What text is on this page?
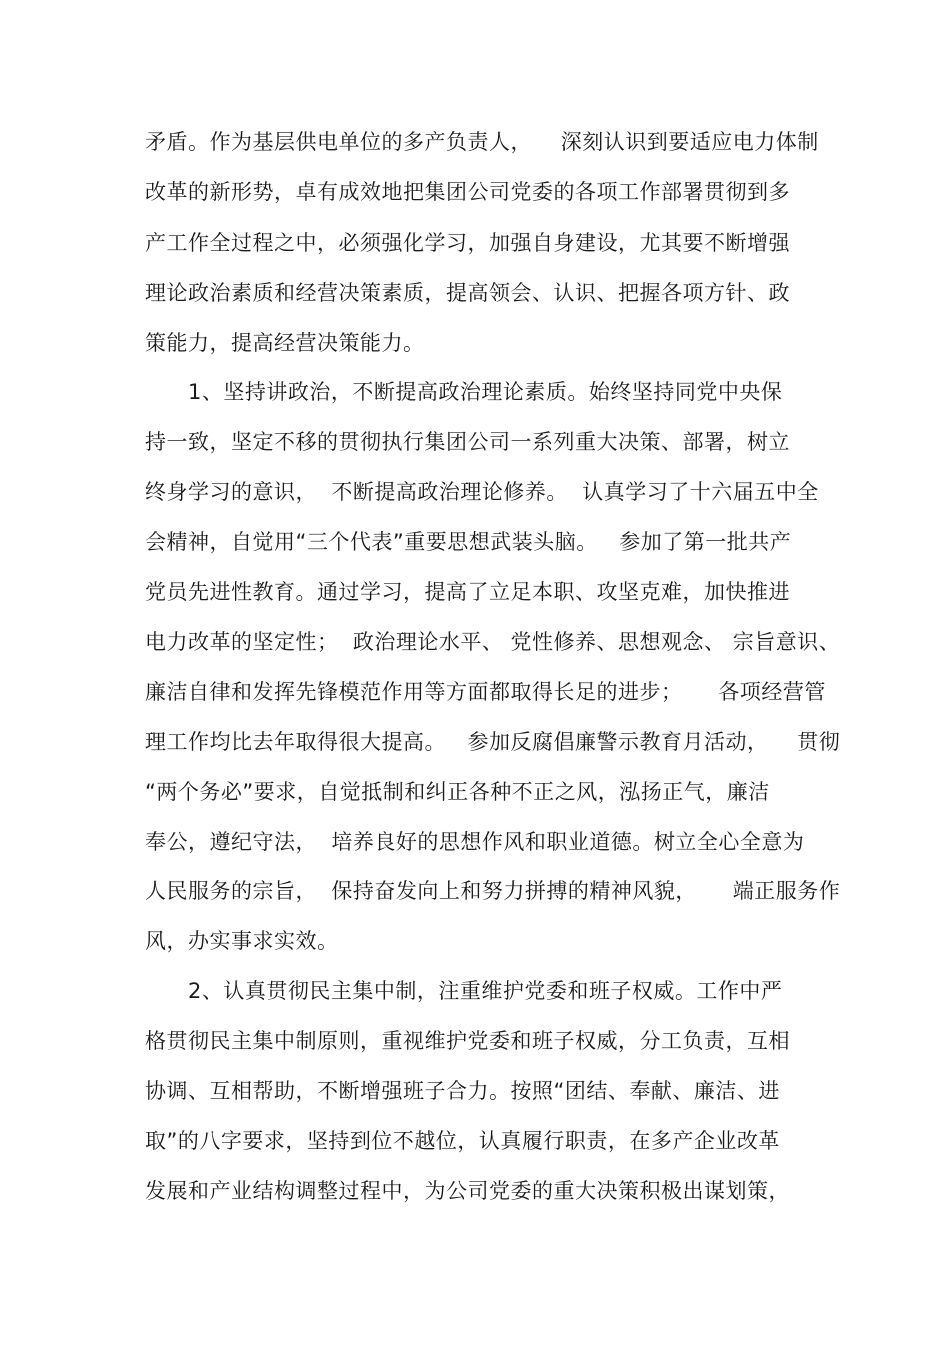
矛盾。作为基层供电单位的多产负责人，    深刻认识到要适应电力体制
改革的新形势，卓有成效地把集团公司党委的各项工作部署贯彻到多
产工作全过程之中，必须强化学习，加强自身建设，尤其要不断增强
理论政治素质和经营决策素质，提高领会、认识、把握各项方针、政
策能力，提高经营决策能力。
1、坚持讲政治，不断提高政治理论素质。始终坚持同党中央保
持一致，坚定不移的贯彻执行集团公司一系列重大决策、部署，树立
终身学习的意识，  不断提高政治理论修养。  认真学习了十六届五中全
会精神，自觉用“三个代表”重要思想武装头脑。   参加了第一批共产
党员先进性教育。通过学习，提高了立足本职、攻坚克难，加快推进
电力改革的坚定性；  政治理论水平、 党性修养、思想观念、 宗旨意识、
廉洁自律和发挥先锋模范作用等方面都取得长足的进步；     各项经营管
理工作均比去年取得很大提高。   参加反腐倡廉警示教育月活动，    贯彻
“两个务必”要求，自觉抵制和纠正各种不正之风，泓扬正气，廉洁
奉公，遵纪守法，  培养良好的思想作风和职业道德。树立全心全意为
人民服务的宗旨，  保持奋发向上和努力拼搏的精神风貌，     端正服务作
风，办实事求实效。
2、认真贯彻民主集中制，注重维护党委和班子权威。工作中严
格贯彻民主集中制原则，重视维护党委和班子权威，分工负责，互相
协调、互相帮助，不断增强班子合力。按照“团结、奉献、廉洁、进
取”的八字要求，坚持到位不越位，认真履行职责，在多产企业改革
发展和产业结构调整过程中，为公司党委的重大决策积极出谋划策，
